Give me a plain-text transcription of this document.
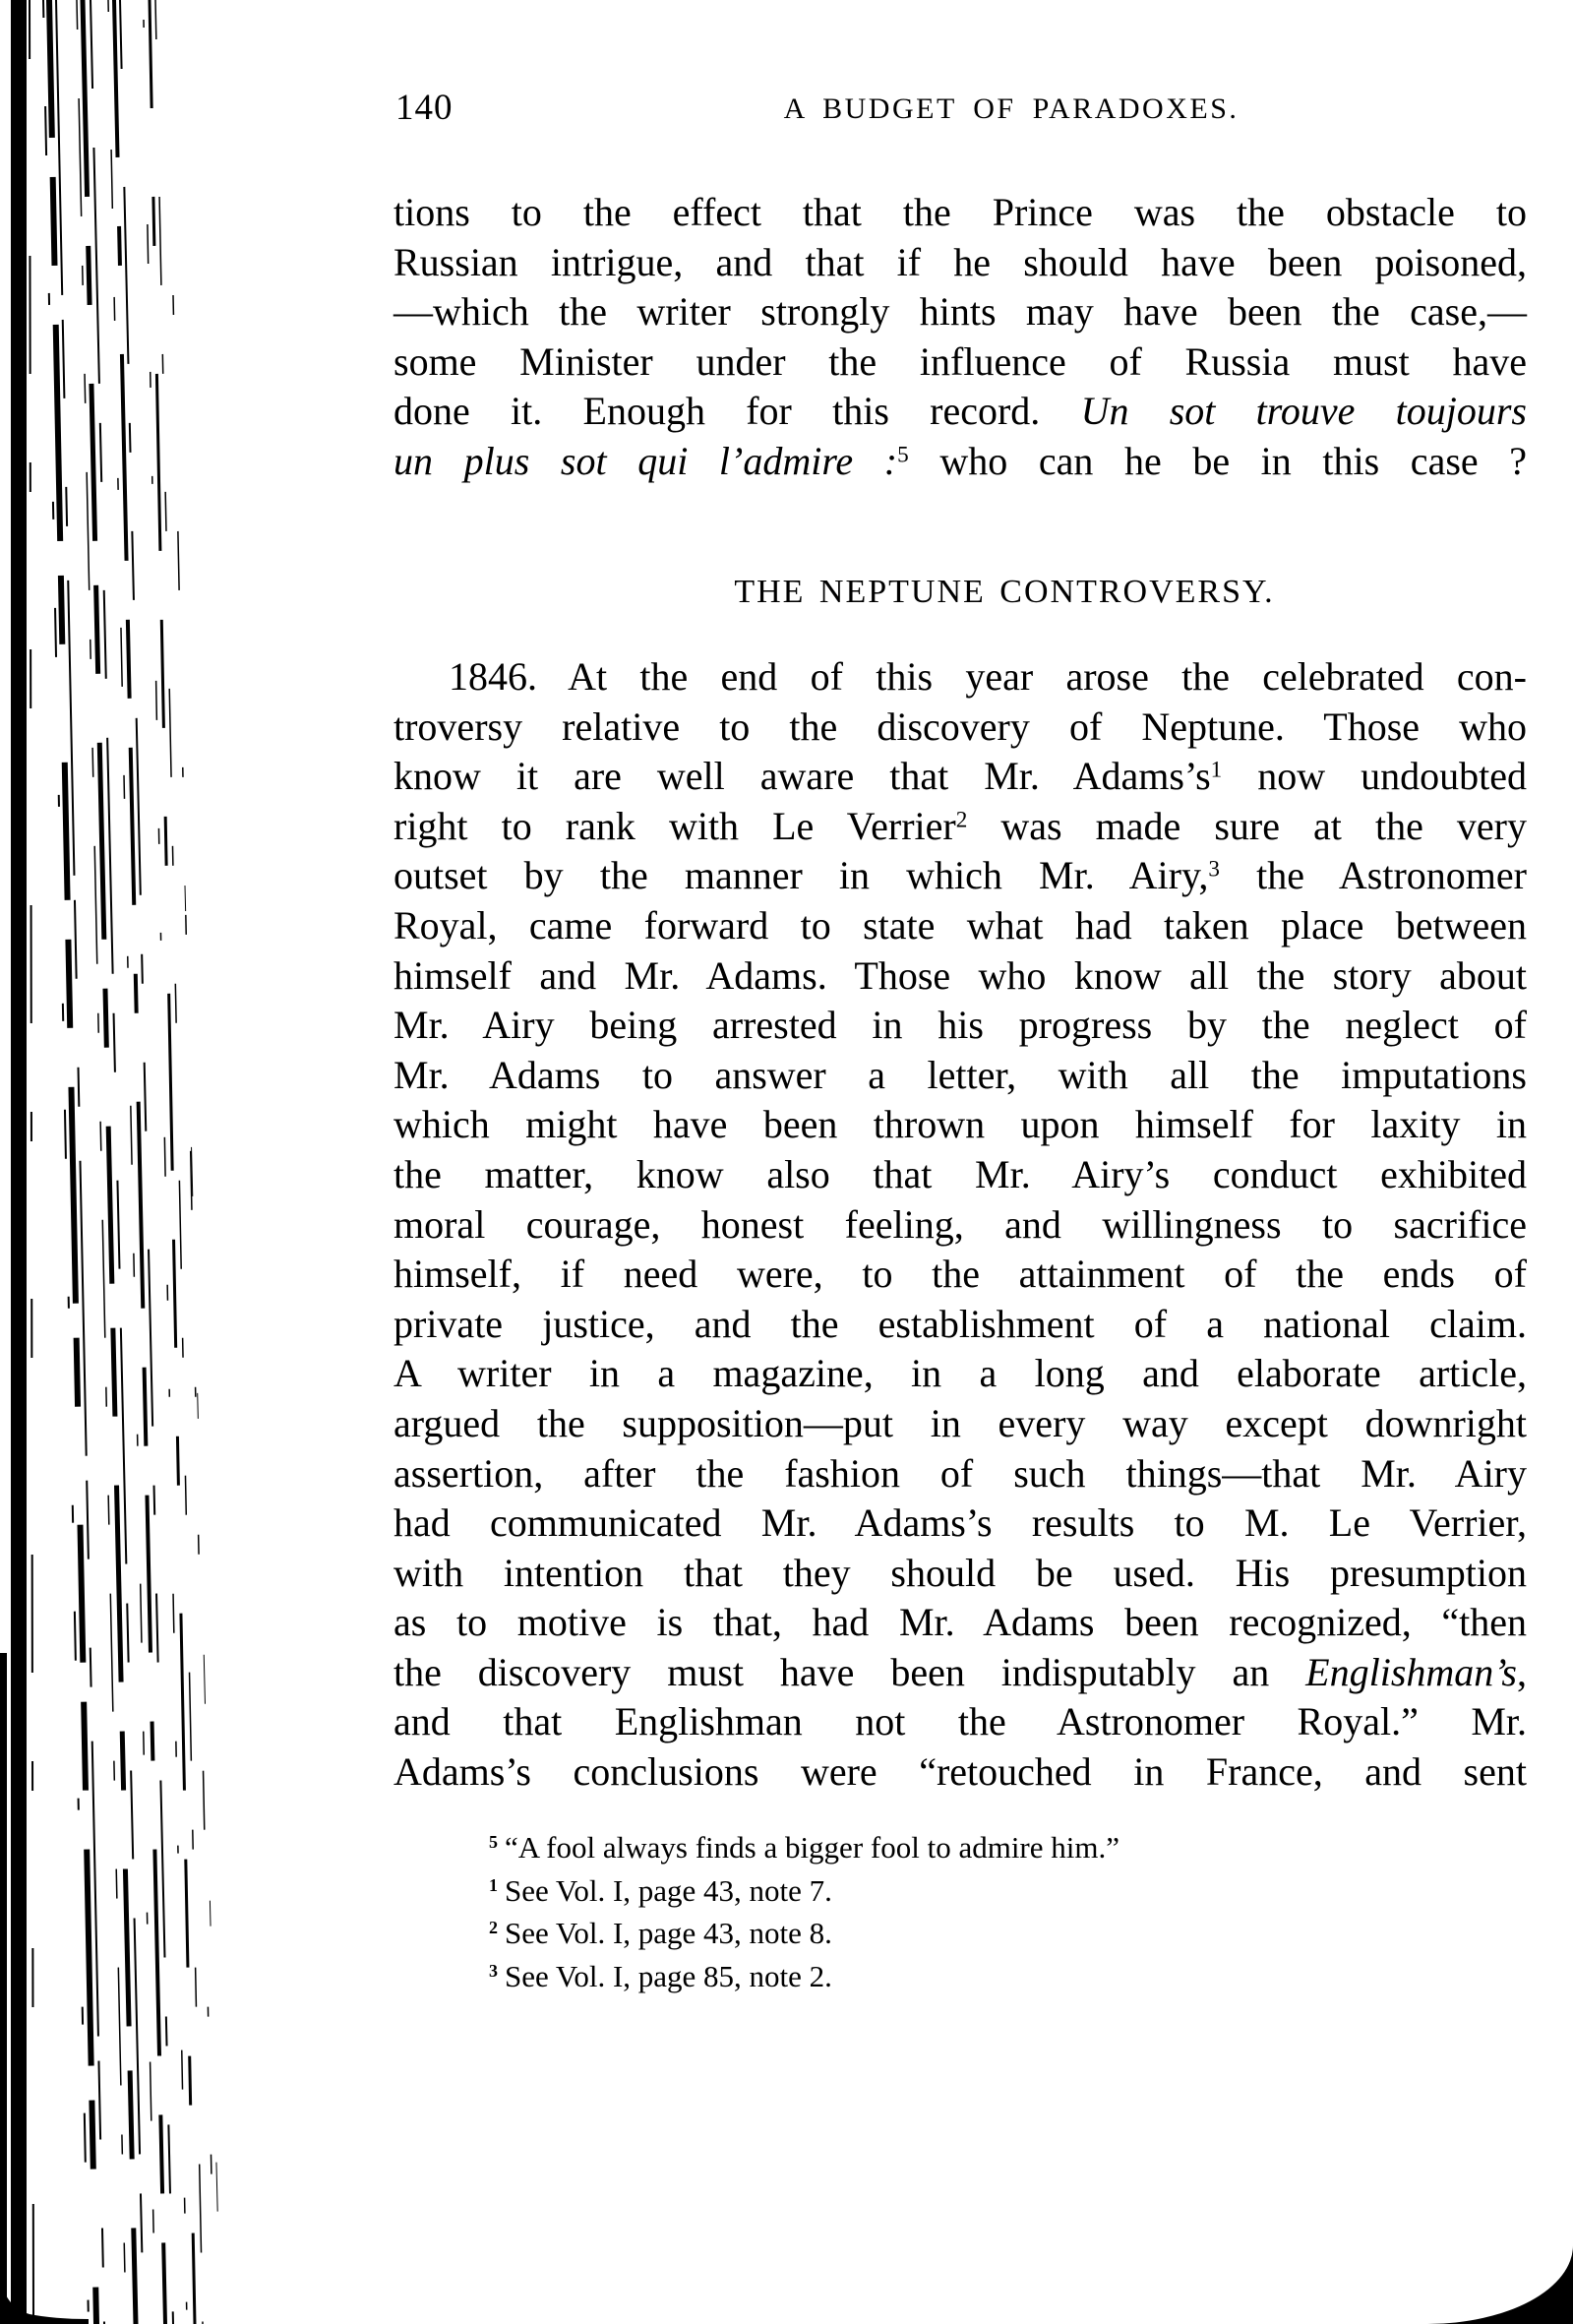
140	A BUDGET OF PARADOXES.
tions to the effect that the Prince was the obstacle to
Russian intrigue, and that if he should have been poisoned,
—which the writer strongly hints may have been the case,—
some Minister under the influence of Russia must have
done it. Enough for this record. Un sot trouve toujours
un plus sot qui l’admire :$^5$ who can he be in this case ?
THE NEPTUNE CONTROVERSY.
1846. At the end of this year arose the celebrated con-
troversy relative to the discovery of Neptune. Those who
know it are well aware that Mr. $Adams’s^1$ now undoubted
right to rank with Le Verrier$^2$ was made sure at the very
outset by the manner in which Mr. Airy,$^3$ the Astronomer
Royal, came forward to state what had taken place between
himself and Mr. Adams. Those who know all the story about
Mr. Airy being arrested in his progress by the neglect of
Mr. Adams to answer a letter, with all the imputations
which might have been thrown upon himself for laxity in
the matter, know also that Mr. Airy’s conduct exhibited
moral courage, honest feeling, and willingness to sacrifice
himself, if need were, to the attainment of the ends of
private justice, and the establishment of a national claim.
A writer in a magazine, in a long and elaborate article,
argued the supposition—put in every way except downright
assertion, after the fashion of such things—that Mr. Airy
had communicated Mr. Adams’s results to M. Le Verrier,
with intention that they should be used. His presumption
as to motive is that, had Mr. Adams been recognized, “then
the discovery must have been indisputably an Englishman’s,
and that Englishman not the Astronomer Royal.” Mr.
Adams’s conclusions were “retouched in France, and sent
$^5$ “A fool always finds a bigger fool to admire him.”
$^1$ See Vol. I, page 43, note 7.
$^2$ See Vol. I, page 43, note 8.
$^3$ See Vol. I, page 85, note 2.
